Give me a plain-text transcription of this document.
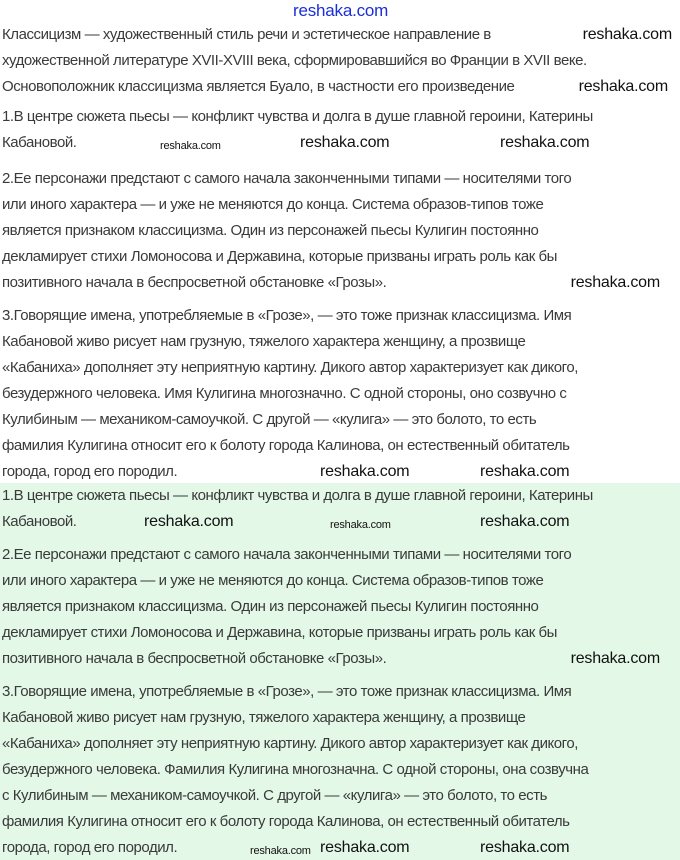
Классицизм — художественный стиль речи и эстетическое направление в
художественной литературе XVII-XVIII века, сформировавшийся во Франции в XVII веке.
Основоположник классицизма является Буало, в частности его произведение
1.В центре сюжета пьесы — конфликт чувства и долга в душе главной героини, Катерины
Кабановой.
2.Ее персонажи предстают с самого начала законченными типами — носителями того
или иного характера — и уже не меняются до конца. Система образов-типов тоже
является признаком классицизма. Один из персонажей пьесы Кулигин постоянно
декламирует стихи Ломоносова и Державина, которые призваны играть роль как бы
позитивного начала в беспросветной обстановке «Грозы».
3.Говорящие имена, употребляемые в «Грозе», — это тоже признак классицизма. Имя
Кабановой живо рисует нам грузную, тяжелого характера женщину, а прозвище
«Кабаниха» дополняет эту неприятную картину. Дикого автор характеризует как дикого,
безудержного человека. Имя Кулигина многозначно. С одной стороны, оно созвучно с
Кулибиным — механиком-самоучкой. С другой — «кулига» — это болото, то есть
фамилия Кулигина относит его к болоту города Калинова, он естественный обитатель
города, город его породил.
1.В центре сюжета пьесы — конфликт чувства и долга в душе главной героини, Катерины
Кабановой.
2.Ее персонажи предстают с самого начала законченными типами — носителями того
или иного характера — и уже не меняются до конца. Система образов-типов тоже
является признаком классицизма. Один из персонажей пьесы Кулигин постоянно
декламирует стихи Ломоносова и Державина, которые призваны играть роль как бы
позитивного начала в беспросветной обстановке «Грозы».
3.Говорящие имена, употребляемые в «Грозе», — это тоже признак классицизма. Имя
Кабановой живо рисует нам грузную, тяжелого характера женщину, а прозвище
«Кабаниха» дополняет эту неприятную картину. Дикого автор характеризует как дикого,
безудержного человека. Фамилия Кулигина многозначна. С одной стороны, она созвучна
с Кулибиным — механиком-самоучкой. С другой — «кулига» — это болото, то есть
фамилия Кулигина относит его к болоту города Калинова, он естественный обитатель
города, город его породил.
reshaka.com
reshaka.com
reshaka.com
reshaka.com	reshaka.com	reshaka.com
reshaka.com
reshaka.com	reshaka.com
reshaka.com	reshaka.com	reshaka.com
reshaka.com
reshaka.com	reshaka.com
reshaka.com
